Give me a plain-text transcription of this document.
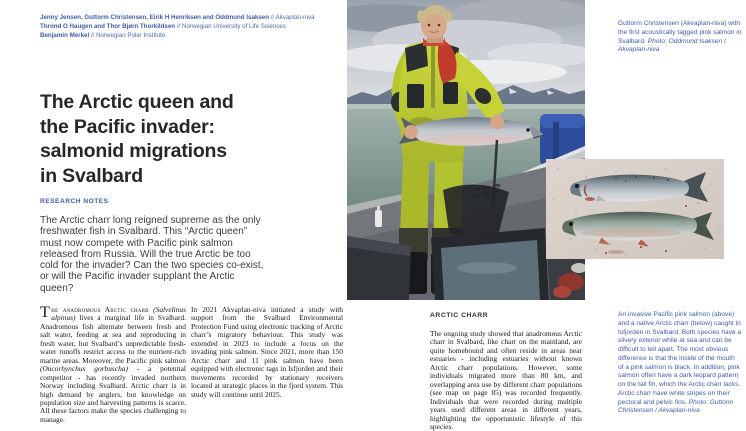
Jenny Jensen, Guttorm Christensen, Eirik H Henriksen and Oddmund Isaksen // Akvaplan-niva
Thrond O Haugen and Thor Bjørn Thorkildsen // Norwegian University of Life Sciences
Benjamin Merkel // Norwegian Polar Institute
The Arctic queen and
the Pacific invader:
salmonid migrations
in Svalbard
RESEARCH NOTES

The Arctic charr long reigned supreme as the only freshwater fish in Svalbard. This “Arctic queen” must now compete with Pacific pink salmon released from Russia. Will the true Arctic be too cold for the invader? Can the two species co-exist, or will the Pacific invader supplant the Arctic queen?

The anadromous Arctic charr (Salvelinus alpinus) lives a marginal life in Svalbard. Anadromous fish alternate between fresh and salt water, feeding at sea and reproducing in fresh water, but Svalbard’s unpredictable fresh-water runoffs restrict access to the nutrient-rich marine areas. Moreover, the Pacific pink salmon (Oncorhynchus gorbuscha) - a potential competitor - has recently invaded northern Norway including Svalbard. Arctic charr is in high demand by anglers, but knowledge on population size and harvesting patterns is scarce. All these factors make the species challenging to manage.

In 2021 Akvaplan-niva initiated a study with support from the Svalbard Environmental Protection Fund using electronic tracking of Arctic charr’s migratory behaviour. This study was extended in 2023 to include a focus on the invading pink salmon. Since 2021, more than 150 Arctic charr and 11 pink salmon have been equipped with electronic tags in Isfjorden and their movements recorded by stationary receivers located at strategic places in the fjord system. This study will continue until 2025.

Guttorm Christensen (Akvaplan-niva) with the first acoustically tagged pink salmon in Svalbard. Photo: Oddmund Isaksen / Akvaplan-niva

ARCTIC CHARR

The ongoing study showed that anadromous Arctic charr in Svalbard, like charr on the mainland, are quite homebound and often reside in areas near estuaries - including estuaries without known Arctic charr populations. However, some individuals migrated more than 80 km, and overlapping area use by different charr populations (see map on page 85) was recorded frequently. Individuals that were recorded during multiple years used different areas in different years, highlighting the opportunistic lifestyle of this species.

An invasive Pacific pink salmon (above) and a native Arctic charr (below) caught in Isfjorden in Svalbard. Both species have a silvery exterior while at sea and can be difficult to tell apart. The most obvious difference is that the inside of the mouth of a pink salmon is black. In addition, pink salmon often have a dark leopard pattern on the tail fin, which the Arctic charr lacks. Arctic charr have white stripes on their pectoral and pelvic fins. Photo: Guttorm Christensen / Akvaplan-niva
